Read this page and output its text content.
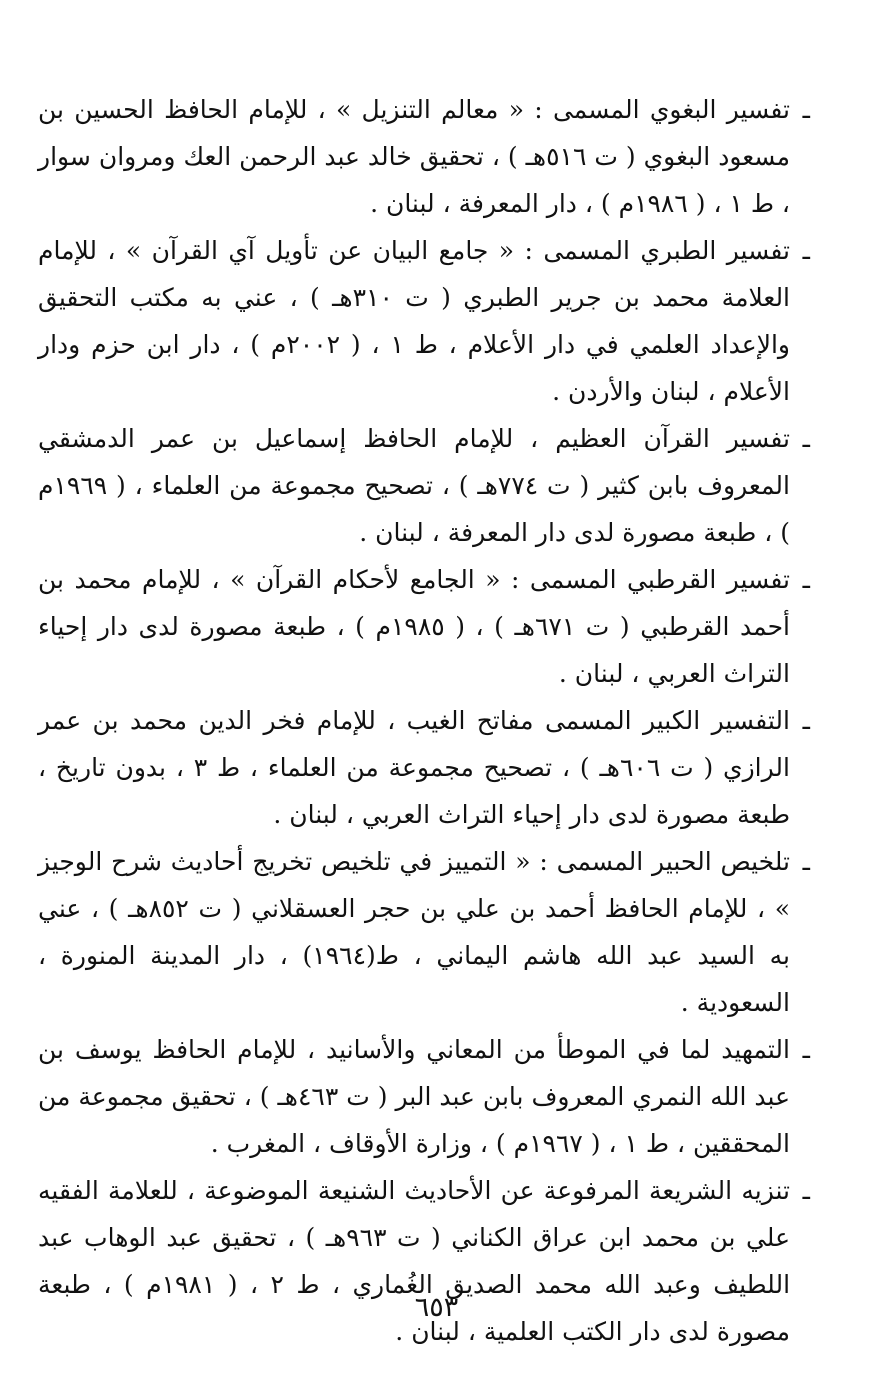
ـ

تفسير البغوي المسمى : « معالم التنزيل » ، للإمام الحافظ الحسين بن مسعود البغوي ( ت ٥١٦هـ ) ، تحقيق خالد عبد الرحمن العك ومروان سوار ، ط ١ ، ( ١٩٨٦م ) ، دار المعرفة ، لبنان .

ـ

تفسير الطبري المسمى : « جامع البيان عن تأويل آي القرآن » ، للإمام العلامة محمد بن جرير الطبري ( ت ٣١٠هـ ) ، عني به مكتب التحقيق والإعداد العلمي في دار الأعلام ، ط ١ ، ( ٢٠٠٢م ) ، دار ابن حزم ودار الأعلام ، لبنان والأردن .

ـ

تفسير القرآن العظيم ، للإمام الحافظ إسماعيل بن عمر الدمشقي المعروف بابن كثير ( ت ٧٧٤هـ ) ، تصحيح مجموعة من العلماء ، ( ١٩٦٩م ) ، طبعة مصورة لدى دار المعرفة ، لبنان .

ـ

تفسير القرطبي المسمى : « الجامع لأحكام القرآن » ، للإمام محمد بن أحمد القرطبي ( ت ٦٧١هـ ) ، ( ١٩٨٥م ) ، طبعة مصورة لدى دار إحياء التراث العربي ، لبنان .

ـ

التفسير الكبير المسمى مفاتح الغيب ، للإمام فخر الدين محمد بن عمر الرازي ( ت ٦٠٦هـ ) ، تصحيح مجموعة من العلماء ، ط ٣ ، بدون تاريخ ، طبعة مصورة لدى دار إحياء التراث العربي ، لبنان .

ـ

تلخيص الحبير المسمى : « التمييز في تلخيص تخريج أحاديث شرح الوجيز » ، للإمام الحافظ أحمد بن علي بن حجر العسقلاني ( ت ٨٥٢هـ ) ، عني به السيد عبد الله هاشم اليماني ، ط(١٩٦٤) ، دار المدينة المنورة ، السعودية .

ـ

التمهيد لما في الموطأ من المعاني والأسانيد ، للإمام الحافظ يوسف بن عبد الله النمري المعروف بابن عبد البر ( ت ٤٦٣هـ ) ، تحقيق مجموعة من المحققين ، ط ١ ، ( ١٩٦٧م ) ، وزارة الأوقاف ، المغرب .

ـ

تنزيه الشريعة المرفوعة عن الأحاديث الشنيعة الموضوعة ، للعلامة الفقيه علي بن محمد ابن عراق الكناني ( ت ٩٦٣هـ ) ، تحقيق عبد الوهاب عبد اللطيف وعبد الله محمد الصديق الغُماري ، ط ٢ ، ( ١٩٨١م ) ، طبعة مصورة لدى دار الكتب العلمية ، لبنان .

٦٥٣
